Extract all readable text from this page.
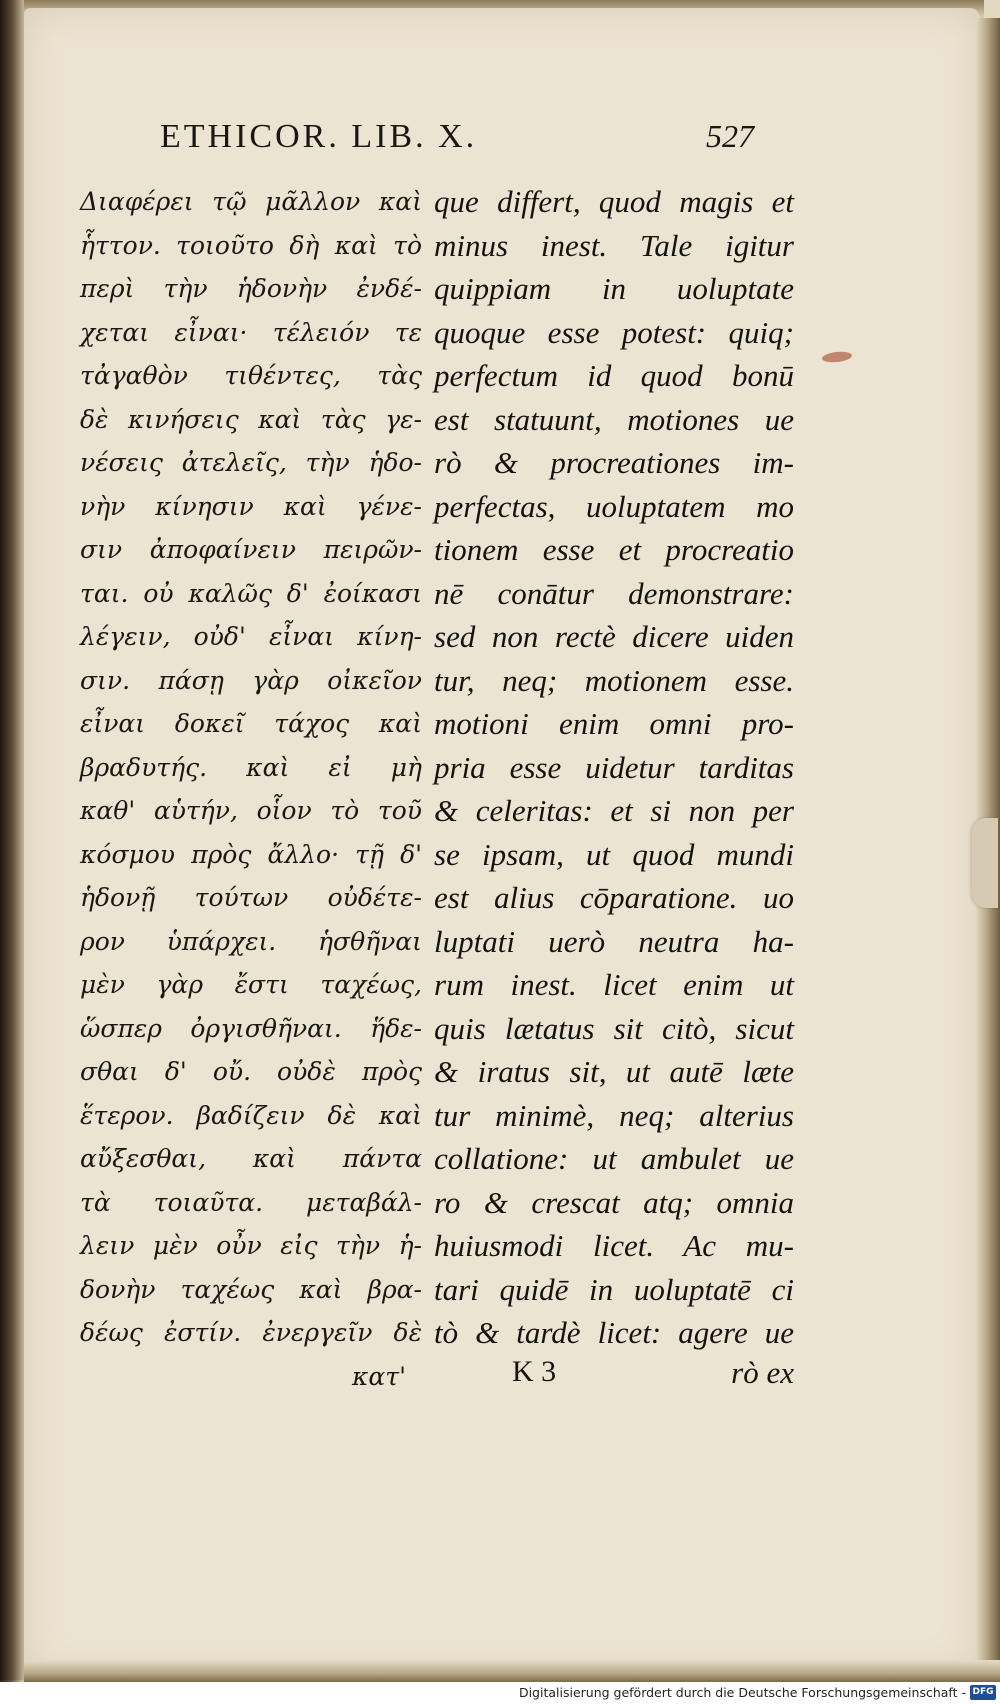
ETHICOR. LIB. X.	527
Διαφέρει τῷ μᾶλλον καὶ
ἧττον. τοιοῦτο δὴ καὶ τὸ
περὶ τὴν ἡδονὴν ἐνδέ-
χεται εἶναι· τέλειόν τε
τἀγαθὸν τιθέντες, τὰς
δὲ κινήσεις καὶ τὰς γε-
νέσεις ἀτελεῖς, τὴν ἡδο-
νὴν κίνησιν καὶ γένε-
σιν ἀποφαίνειν πειρῶν-
ται. οὐ καλῶς δ' ἐοίκασι
λέγειν, οὐδ' εἶναι κίνη-
σιν. πάσῃ γὰρ οἰκεῖον
εἶναι δοκεῖ τάχος καὶ
βραδυτής. καὶ εἰ μὴ
καθ' αὑτήν, οἷον τὸ τοῦ
κόσμου πρὸς ἄλλο· τῇ δ'
ἡδονῇ τούτων οὐδέτε-
ρον ὑπάρχει. ἡσθῆναι
μὲν γὰρ ἔστι ταχέως,
ὥσπερ ὀργισθῆναι. ἥδε-
σθαι δ' οὔ. οὐδὲ πρὸς
ἕτερον. βαδίζειν δὲ καὶ
αὔξεσθαι, καὶ πάντα
τὰ τοιαῦτα. μεταβάλ-
λειν μὲν οὖν εἰς τὴν ἡ-
δονὴν ταχέως καὶ βρα-
δέως ἐστίν. ἐνεργεῖν δὲ
κατ'
que differt, quod magis et
minus inest. Tale igitur
quippiam in uoluptate
quoque esse potest: quiq;
perfectum id quod bonū
est statuunt, motiones ue
rò & procreationes im-
perfectas, uoluptatem mo
tionem esse et procreatio
nē conātur demonstrare:
sed non rectè dicere uiden
tur, neq; motionem esse.
motioni enim omni pro-
pria esse uidetur tarditas
& celeritas: et si non per
se ipsam, ut quod mundi
est alius cōparatione. uo
luptati uerò neutra ha-
rum inest. licet enim ut
quis lætatus sit citò, sicut
& iratus sit, ut autē læte
tur minimè, neq; alterius
collatione: ut ambulet ue
ro & crescat atq; omnia
huiusmodi licet. Ac mu-
tari quidē in uoluptatē ci
tò & tardè licet: agere ue
K 3	rò ex
Digitalisierung gefördert durch die Deutsche Forschungsgemeinschaft - DFG
